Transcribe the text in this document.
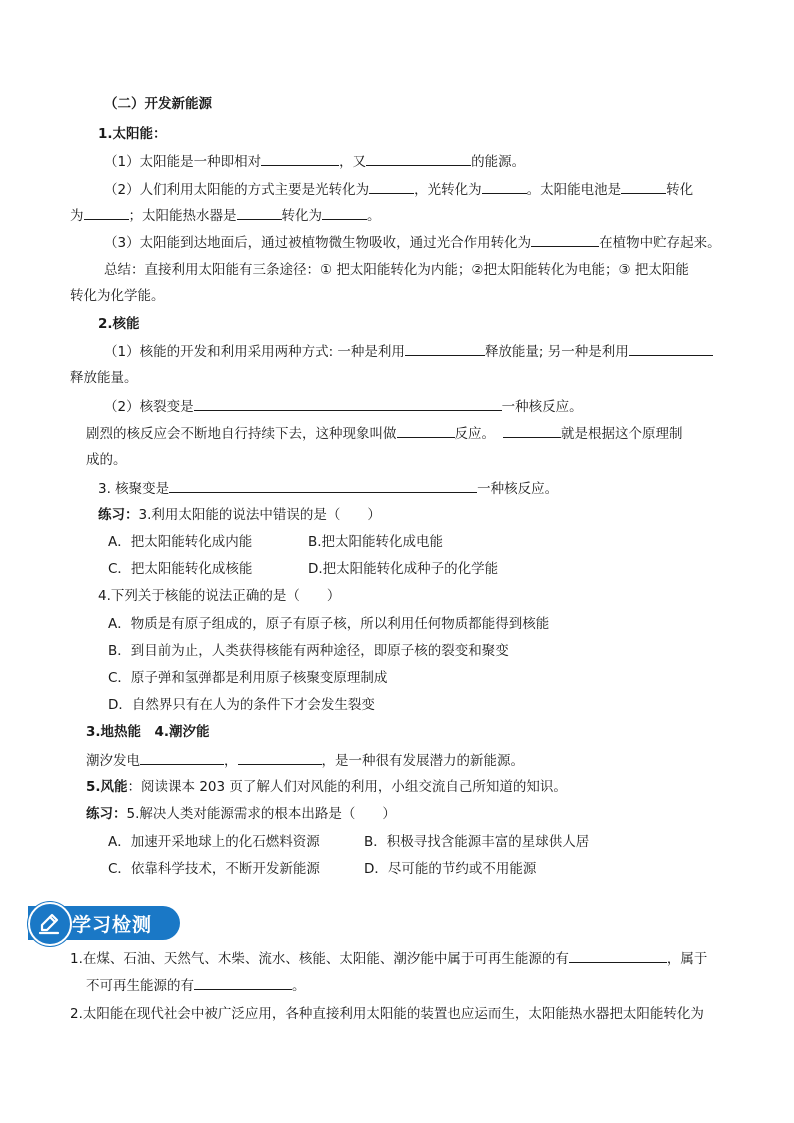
（二）开发新能源
1.太阳能：
（1）太阳能是一种即相对	，又	的能源。
（2）人们利用太阳能的方式主要是光转化为	，光转化为	。太阳能电池是	转化
为	；太阳能热水器是	转化为	。
（3）太阳能到达地面后，通过被植物微生物吸收，通过光合作用转化为	在植物中贮存起来。
总结：直接利用太阳能有三条途径：① 把太阳能转化为内能；②把太阳能转化为电能；③ 把太阳能
转化为化学能。
2.核能
（1）核能的开发和利用采用两种方式: 一种是利用	释放能量; 另一种是利用
释放能量。
（2）核裂变是	一种核反应。
剧烈的核反应会不断地自行持续下去，这种现象叫做	反应。	就是根据这个原理制
成的。
3. 核聚变是	一种核反应。
练习：3.利用太阳能的说法中错误的是（　　）
A．把太阳能转化成内能	B.把太阳能转化成电能
C．把太阳能转化成核能	D.把太阳能转化成种子的化学能
4.下列关于核能的说法正确的是（　　）
A．物质是有原子组成的，原子有原子核，所以利用任何物质都能得到核能
B．到目前为止，人类获得核能有两种途径，即原子核的裂变和聚变
C．原子弹和氢弹都是利用原子核聚变原理制成
D．自然界只有在人为的条件下才会发生裂变
3.地热能　4.潮汐能
潮汐发电	，	，是一种很有发展潜力的新能源。
5.风能：阅读课本 203 页了解人们对风能的利用，小组交流自己所知道的知识。
练习：5.解决人类对能源需求的根本出路是（　　）
A．加速开采地球上的化石燃料资源	B．积极寻找含能源丰富的星球供人居
C．依靠科学技术，不断开发新能源	D．尽可能的节约或不用能源
学习检测
1.在煤、石油、天然气、木柴、流水、核能、太阳能、潮汐能中属于可再生能源的有	，属于
不可再生能源的有	。
2.太阳能在现代社会中被广泛应用，各种直接利用太阳能的装置也应运而生，太阳能热水器把太阳能转化为
